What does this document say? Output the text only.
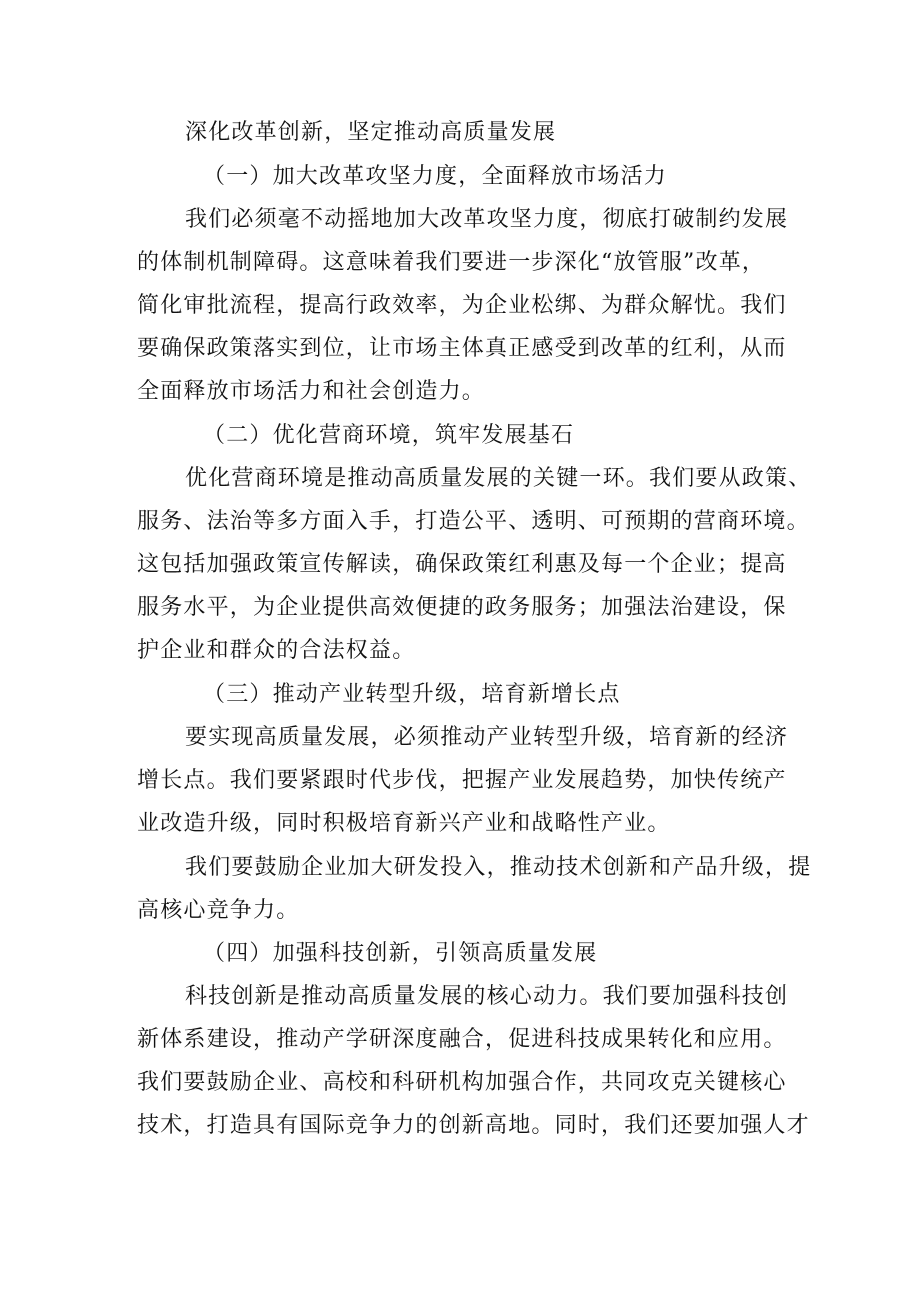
深化改革创新，坚定推动高质量发展
（一）加大改革攻坚力度，全面释放市场活力
我们必须毫不动摇地加大改革攻坚力度，彻底打破制约发展
的体制机制障碍。这意味着我们要进一步深化“放管服”改革，
简化审批流程，提高行政效率，为企业松绑、为群众解忧。我们
要确保政策落实到位，让市场主体真正感受到改革的红利，从而
全面释放市场活力和社会创造力。
（二）优化营商环境，筑牢发展基石
优化营商环境是推动高质量发展的关键一环。我们要从政策、
服务、法治等多方面入手，打造公平、透明、可预期的营商环境。
这包括加强政策宣传解读，确保政策红利惠及每一个企业；提高
服务水平，为企业提供高效便捷的政务服务；加强法治建设，保
护企业和群众的合法权益。
（三）推动产业转型升级，培育新增长点
要实现高质量发展，必须推动产业转型升级，培育新的经济
增长点。我们要紧跟时代步伐，把握产业发展趋势，加快传统产
业改造升级，同时积极培育新兴产业和战略性产业。
我们要鼓励企业加大研发投入，推动技术创新和产品升级，提
高核心竞争力。
（四）加强科技创新，引领高质量发展
科技创新是推动高质量发展的核心动力。我们要加强科技创
新体系建设，推动产学研深度融合，促进科技成果转化和应用。
我们要鼓励企业、高校和科研机构加强合作，共同攻克关键核心
技术，打造具有国际竞争力的创新高地。同时，我们还要加强人才
